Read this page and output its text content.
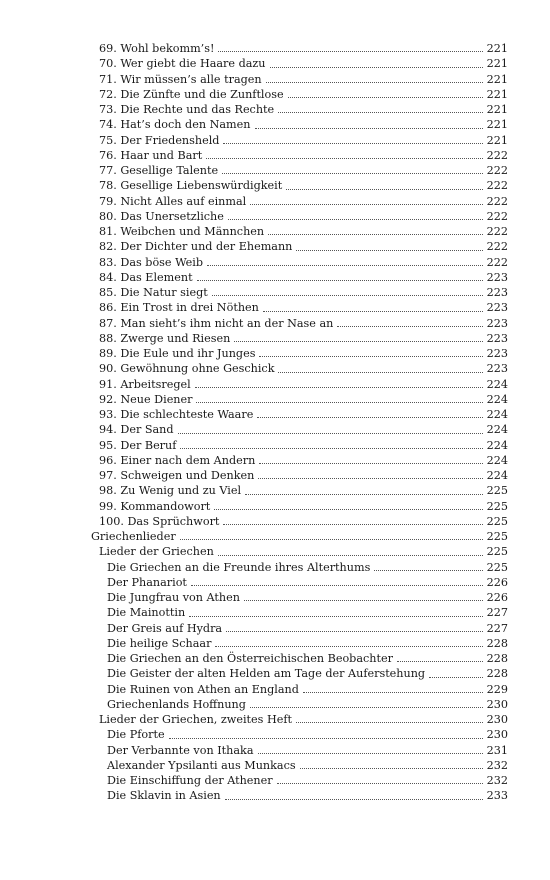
69. Wohl bekomm’s!	221
70. Wer giebt die Haare dazu	221
71. Wir müssen’s alle tragen	221
72. Die Zünfte und die Zunftlose	221
73. Die Rechte und das Rechte	221
74. Hat’s doch den Namen	221
75. Der Friedensheld	221
76. Haar und Bart	222
77. Gesellige Talente	222
78. Gesellige Liebenswürdigkeit	222
79. Nicht Alles auf einmal	222
80. Das Unersetzliche	222
81. Weibchen und Männchen	222
82. Der Dichter und der Ehemann	222
83. Das böse Weib	222
84. Das Element	223
85. Die Natur siegt	223
86. Ein Trost in drei Nöthen	223
87. Man sieht’s ihm nicht an der Nase an	223
88. Zwerge und Riesen	223
89. Die Eule und ihr Junges	223
90. Gewöhnung ohne Geschick	223
91. Arbeitsregel	224
92. Neue Diener	224
93. Die schlechteste Waare	224
94. Der Sand	224
95. Der Beruf	224
96. Einer nach dem Andern	224
97. Schweigen und Denken	224
98. Zu Wenig und zu Viel	225
99. Kommandowort	225
100. Das Sprüchwort	225
Griechenlieder	225
Lieder der Griechen	225
Die Griechen an die Freunde ihres Alterthums	225
Der Phanariot	226
Die Jungfrau von Athen	226
Die Mainottin	227
Der Greis auf Hydra	227
Die heilige Schaar	228
Die Griechen an den Österreichischen Beobachter	228
Die Geister der alten Helden am Tage der Auferstehung	228
Die Ruinen von Athen an England	229
Griechenlands Hoffnung	230
Lieder der Griechen, zweites Heft	230
Die Pforte	230
Der Verbannte von Ithaka	231
Alexander Ypsilanti aus Munkacs	232
Die Einschiffung der Athener	232
Die Sklavin in Asien	233
